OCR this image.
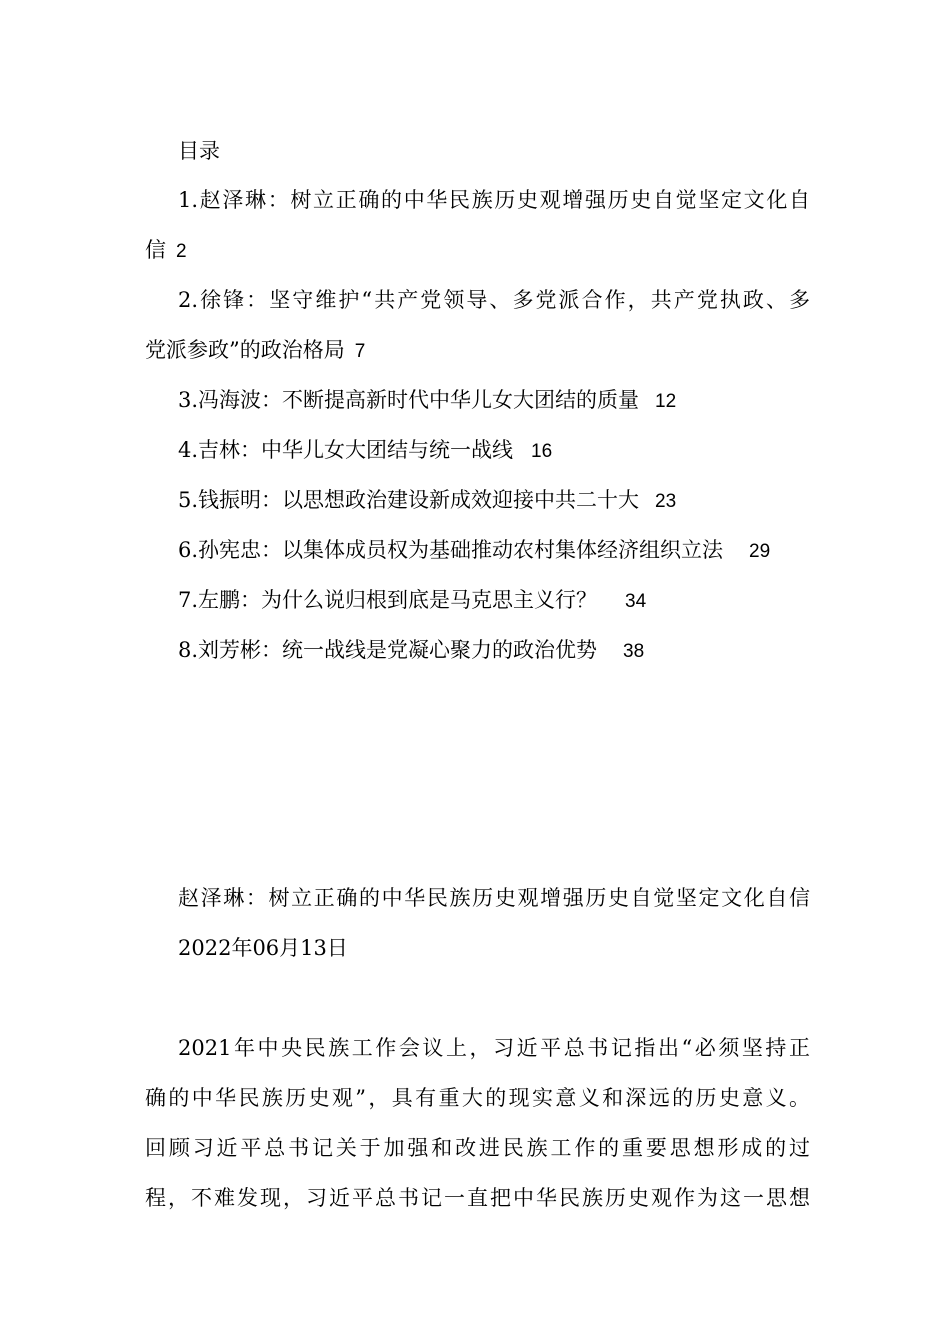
目录
1.赵泽琳：树立正确的中华民族历史观增强历史自觉坚定文化自
信 2
2.徐锋：坚守维护“共产党领导、多党派合作，共产党执政、多
党派参政”的政治格局 7
3.冯海波：不断提高新时代中华儿女大团结的质量 12
4.吉林：中华儿女大团结与统一战线 16
5.钱振明：以思想政治建设新成效迎接中共二十大 23
6.孙宪忠：以集体成员权为基础推动农村集体经济组织立法 29
7.左鹏：为什么说归根到底是马克思主义行？ 34
8.刘芳彬：统一战线是党凝心聚力的政治优势 38
赵泽琳：树立正确的中华民族历史观增强历史自觉坚定文化自信
2022年06月13日
2021年中央民族工作会议上，习近平总书记指出“必须坚持正
确的中华民族历史观”，具有重大的现实意义和深远的历史意义。
回顾习近平总书记关于加强和改进民族工作的重要思想形成的过
程，不难发现，习近平总书记一直把中华民族历史观作为这一思想
